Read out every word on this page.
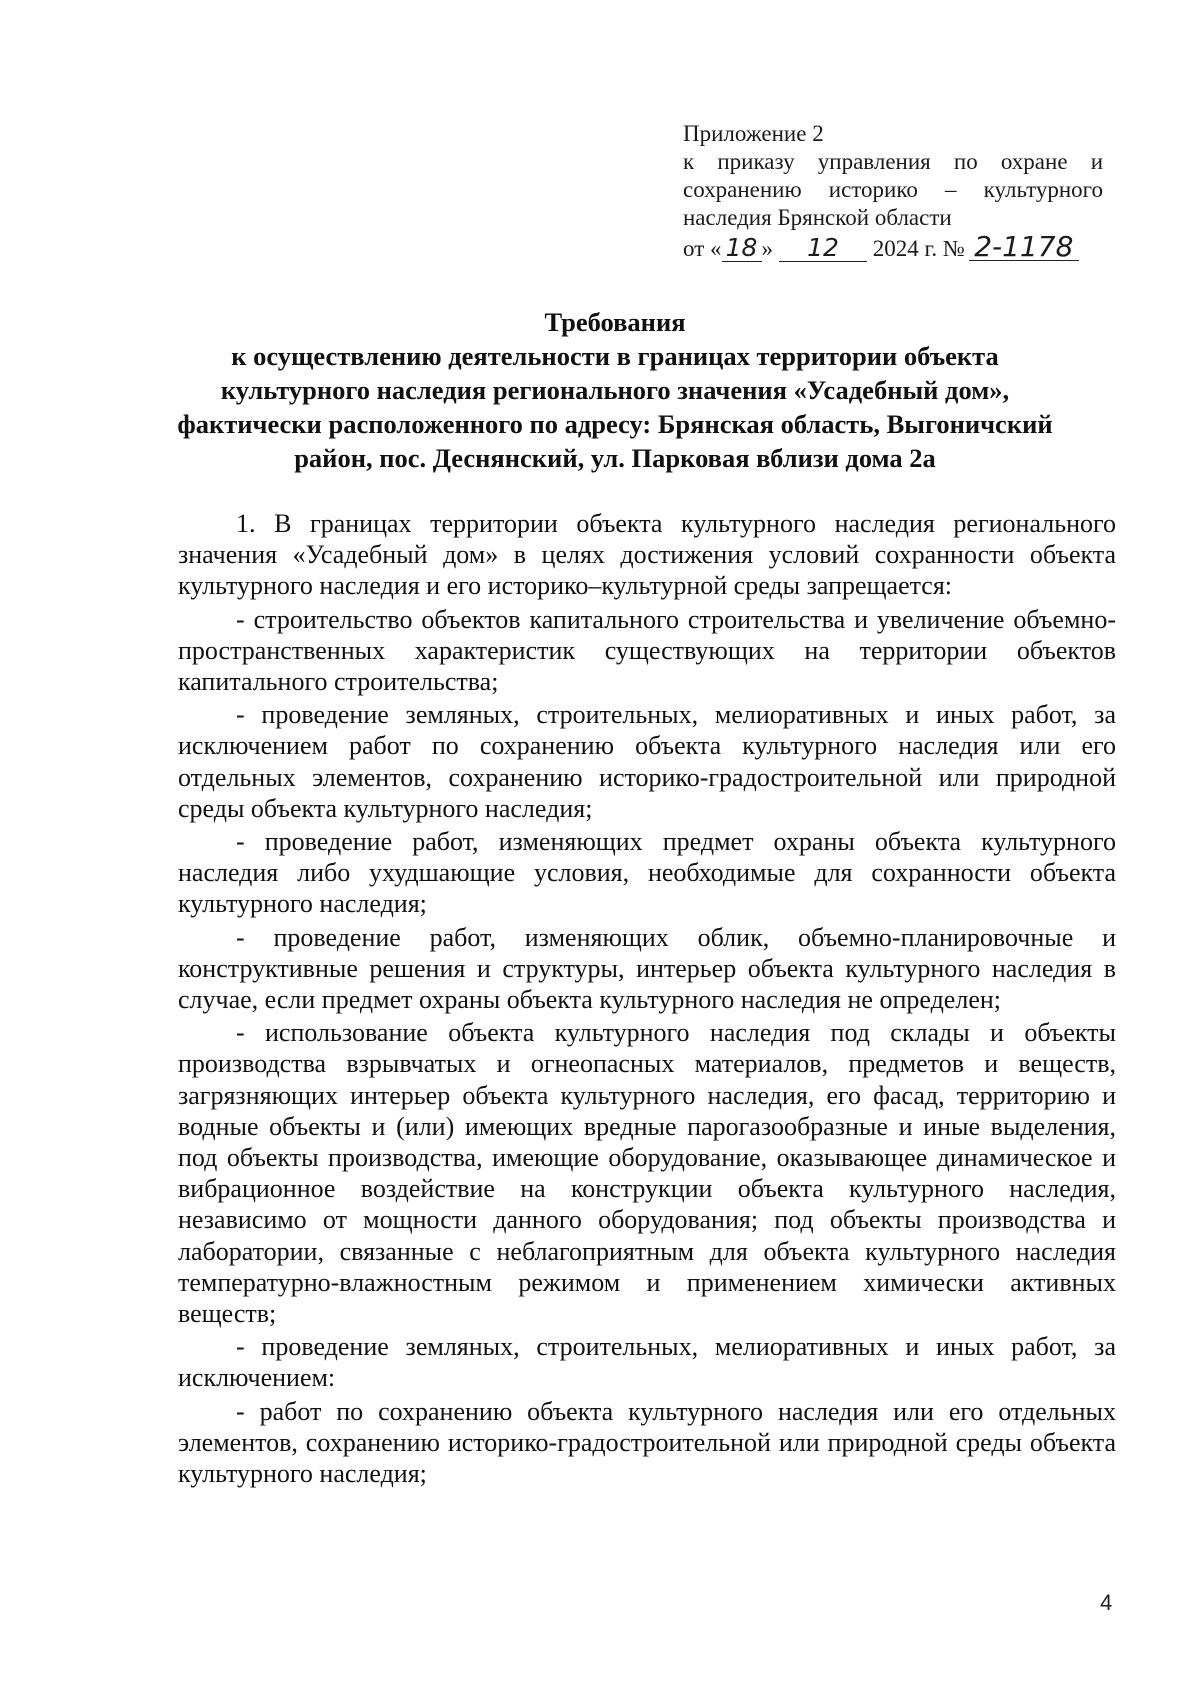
Приложение 2
к приказу управления по охране и
сохранению историко – культурного
наследия Брянской области
от « 18 » 12 2024 г. № 2-1178
Требования
к осуществлению деятельности в границах территории объекта
культурного наследия регионального значения «Усадебный дом»,
фактически расположенного по адресу: Брянская область, Выгоничский
район, пос. Деснянский, ул. Парковая вблизи дома 2а

1. В границах территории объекта культурного наследия регионального значения «Усадебный дом» в целях достижения условий сохранности объекта культурного наследия и его историко–культурной среды запрещается:

- строительство объектов капитального строительства и увеличение объемно-пространственных характеристик существующих на территории объектов капитального строительства;

- проведение земляных, строительных, мелиоративных и иных работ, за исключением работ по сохранению объекта культурного наследия или его отдельных элементов, сохранению историко-градостроительной или природной среды объекта культурного наследия;

- проведение работ, изменяющих предмет охраны объекта культурного наследия либо ухудшающие условия, необходимые для сохранности объекта культурного наследия;

- проведение работ, изменяющих облик, объемно-планировочные и конструктивные решения и структуры, интерьер объекта культурного наследия в случае, если предмет охраны объекта культурного наследия не определен;

- использование объекта культурного наследия под склады и объекты производства взрывчатых и огнеопасных материалов, предметов и веществ, загрязняющих интерьер объекта культурного наследия, его фасад, территорию и водные объекты и (или) имеющих вредные парогазообразные и иные выделения, под объекты производства, имеющие оборудование, оказывающее динамическое и вибрационное воздействие на конструкции объекта культурного наследия, независимо от мощности данного оборудования; под объекты производства и лаборатории, связанные с неблагоприятным для объекта культурного наследия температурно-влажностным режимом и применением химически активных веществ;

- проведение земляных, строительных, мелиоративных и иных работ, за исключением:

- работ по сохранению объекта культурного наследия или его отдельных элементов, сохранению историко-градостроительной или природной среды объекта культурного наследия;

4
